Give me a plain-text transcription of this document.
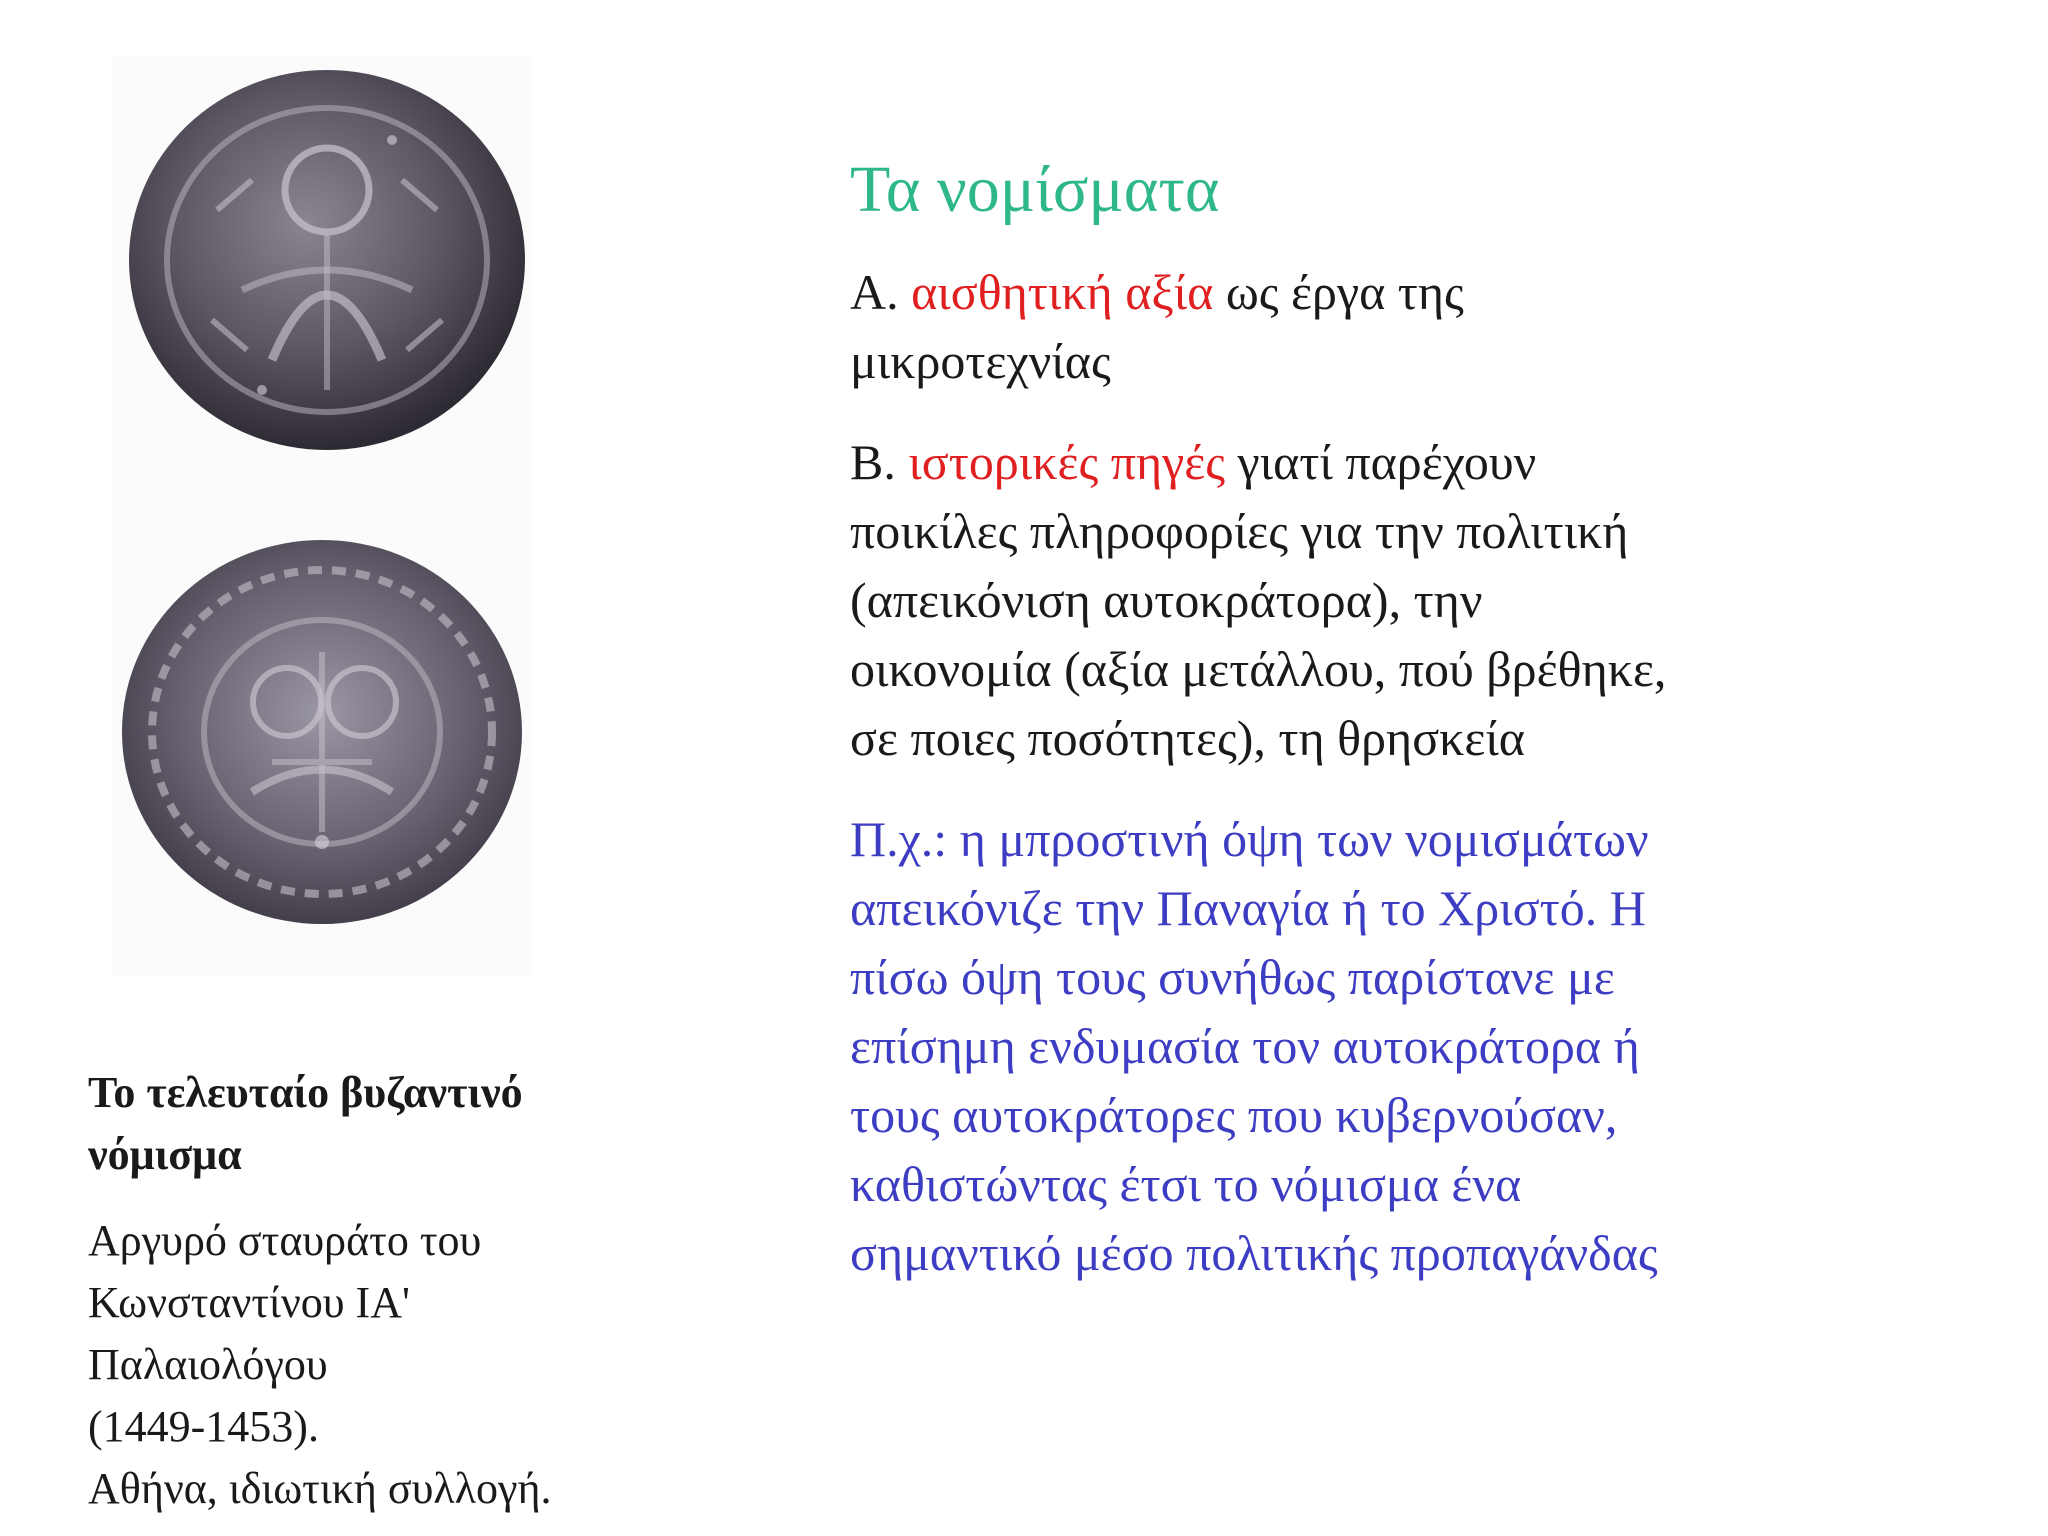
Το τελευταίο βυζαντινό
νόμισμα

Αργυρό σταυράτο του
Κωνσταντίνου ΙΑ'
Παλαιολόγου
(1449-1453).
Αθήνα, ιδιωτική συλλογή.

Τα νομίσματα

Α. αισθητική αξία ως έργα της
μικροτεχνίας

Β. ιστορικές πηγές γιατί παρέχουν
ποικίλες πληροφορίες για την πολιτική
(απεικόνιση αυτοκράτορα), την
οικονομία (αξία μετάλλου, πού βρέθηκε,
σε ποιες ποσότητες), τη θρησκεία

Π.χ.: η μπροστινή όψη των νομισμάτων
απεικόνιζε την Παναγία ή το Χριστό. Η
πίσω όψη τους συνήθως παρίστανε με
επίσημη ενδυμασία τον αυτοκράτορα ή
τους αυτοκράτορες που κυβερνούσαν,
καθιστώντας έτσι το νόμισμα ένα
σημαντικό μέσο πολιτικής προπαγάνδας
